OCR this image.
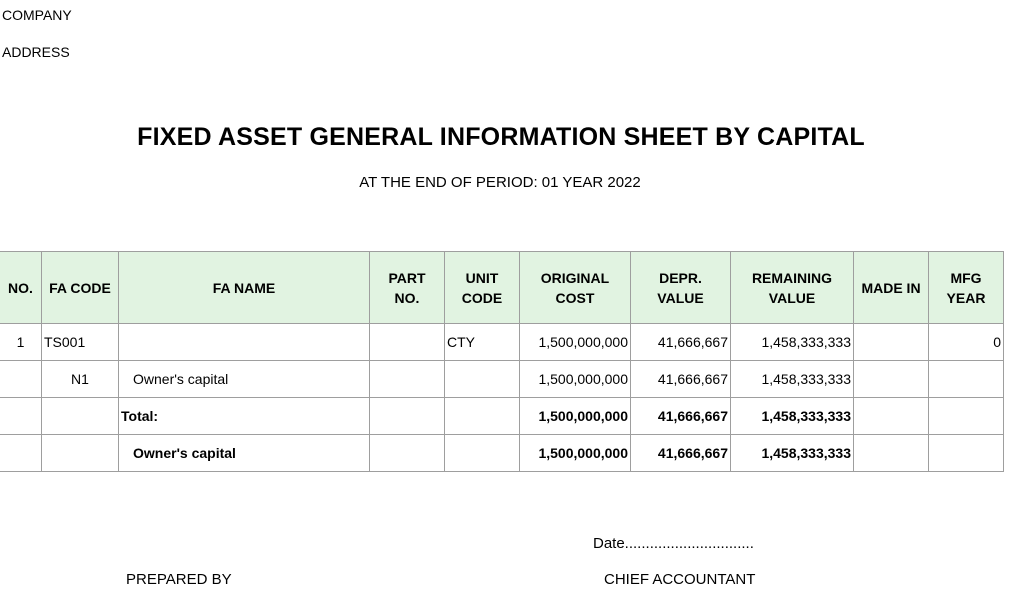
COMPANY
ADDRESS
FIXED ASSET GENERAL INFORMATION SHEET BY CAPITAL
AT THE END OF PERIOD: 01 YEAR 2022
NO.	FA CODE	FA NAME	PART NO.	UNIT CODE	ORIGINAL COST	DEPR. VALUE	REMAINING VALUE	MADE IN	MFG YEAR
1	TS001			CTY	1,500,000,000	41,666,667	1,458,333,333		0
	N1	Owner's capital			1,500,000,000	41,666,667	1,458,333,333		
		Total:			1,500,000,000	41,666,667	1,458,333,333		
		Owner's capital			1,500,000,000	41,666,667	1,458,333,333		
Date...............................
PREPARED BY	CHIEF ACCOUNTANT
